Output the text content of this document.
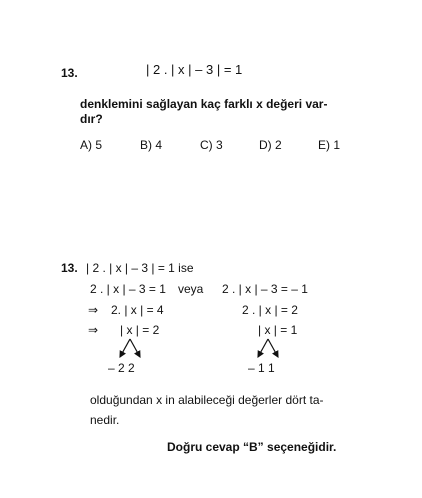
13.	| 2 . | x | – 3 | = 1
denklemini sağlayan kaç farklı x değeri var-
dır?
A) 5	B) 4	C) 3	D) 2	E) 1
13. | 2 . | x | – 3 | = 1 ise
2 . | x | – 3 = 1 veya 2 . | x | – 3 = – 1
⇒ 2. | x | = 4	2 . | x | = 2
⇒ | x | = 2	| x | = 1
– 2 2	– 1 1
olduğundan x in alabileceği değerler dört ta-
nedir.
Doğru cevap “B” seçeneğidir.
